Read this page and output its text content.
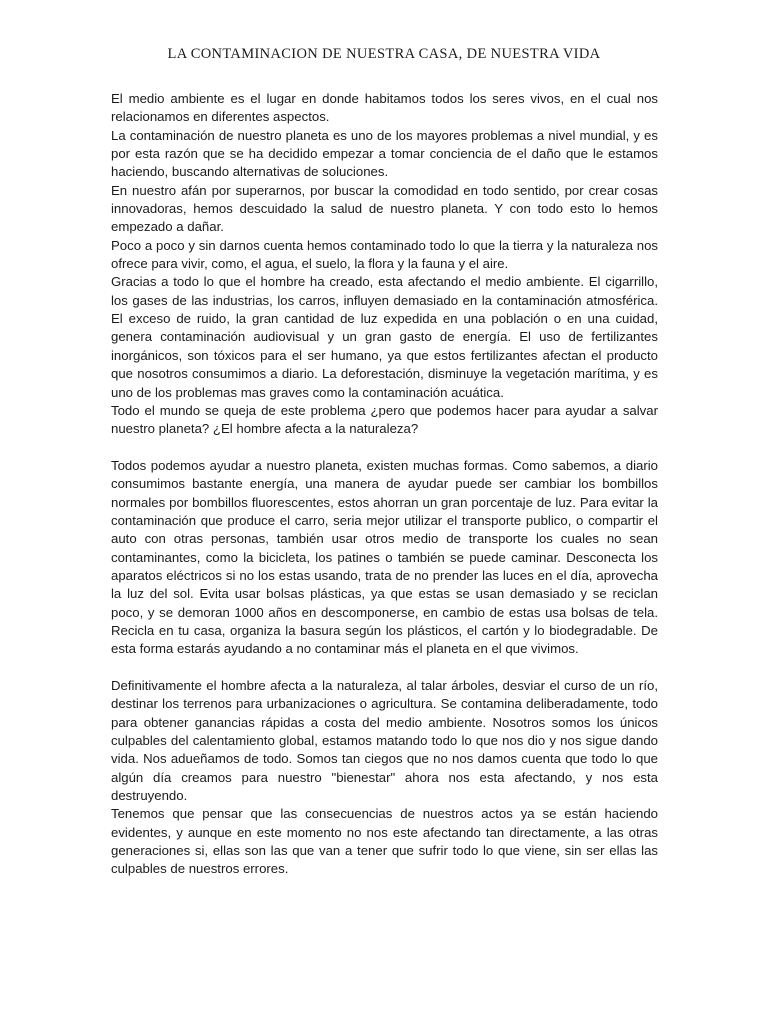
LA CONTAMINACION DE NUESTRA CASA, DE NUESTRA VIDA
El medio ambiente es el lugar en donde habitamos todos los seres vivos, en el cual nos relacionamos en diferentes aspectos.
La contaminación de nuestro planeta es uno de los mayores problemas a nivel mundial, y es por esta razón que se ha decidido empezar a tomar conciencia de el daño que le estamos haciendo, buscando alternativas de soluciones.
En nuestro afán por superarnos, por buscar la comodidad en todo sentido, por crear cosas innovadoras, hemos descuidado la salud de nuestro planeta. Y con todo esto lo hemos empezado a dañar.
Poco a poco y sin darnos cuenta hemos contaminado todo lo que la tierra y la naturaleza nos ofrece para vivir, como, el agua, el suelo, la flora y la fauna y el aire.
Gracias a todo lo que el hombre ha creado, esta afectando el medio ambiente. El cigarrillo, los gases de las industrias, los carros, influyen demasiado en la contaminación atmosférica. El exceso de ruido, la gran cantidad de luz expedida en una población o en una cuidad, genera contaminación audiovisual y un gran gasto de energía. El uso de fertilizantes inorgánicos, son tóxicos para el ser humano, ya que estos fertilizantes afectan el producto que nosotros consumimos a diario. La deforestación, disminuye la vegetación marítima, y es uno de los problemas mas graves como la contaminación acuática.
Todo el mundo se queja de este problema ¿pero que podemos hacer para ayudar a salvar nuestro planeta? ¿El hombre afecta a la naturaleza?
Todos podemos ayudar a nuestro planeta, existen muchas formas. Como sabemos, a diario consumimos bastante energía, una manera de ayudar puede ser cambiar los bombillos normales por bombillos fluorescentes, estos ahorran un gran porcentaje de luz. Para evitar la contaminación que produce el carro, seria mejor utilizar el transporte publico, o compartir el auto con otras personas, también usar otros medio de transporte los cuales no sean contaminantes, como la bicicleta, los patines o también se puede caminar. Desconecta los aparatos eléctricos si no los estas usando, trata de no prender las luces en el día, aprovecha la luz del sol. Evita usar bolsas plásticas, ya que estas se usan demasiado y se reciclan poco, y se demoran 1000 años en descomponerse, en cambio de estas usa bolsas de tela. Recicla en tu casa, organiza la basura según los plásticos, el cartón y lo biodegradable. De esta forma estarás ayudando a no contaminar más el planeta en el que vivimos.
Definitivamente el hombre afecta a la naturaleza, al talar árboles, desviar el curso de un río, destinar los terrenos para urbanizaciones o agricultura. Se contamina deliberadamente, todo para obtener ganancias rápidas a costa del medio ambiente. Nosotros somos los únicos culpables del calentamiento global, estamos matando todo lo que nos dio y nos sigue dando vida. Nos adueñamos de todo. Somos tan ciegos que no nos damos cuenta que todo lo que algún día creamos para nuestro "bienestar" ahora nos esta afectando, y nos esta destruyendo.
Tenemos que pensar que las consecuencias de nuestros actos ya se están haciendo evidentes, y aunque en este momento no nos este afectando tan directamente, a las otras generaciones si, ellas son las que van a tener que sufrir todo lo que viene, sin ser ellas las culpables de nuestros errores.
